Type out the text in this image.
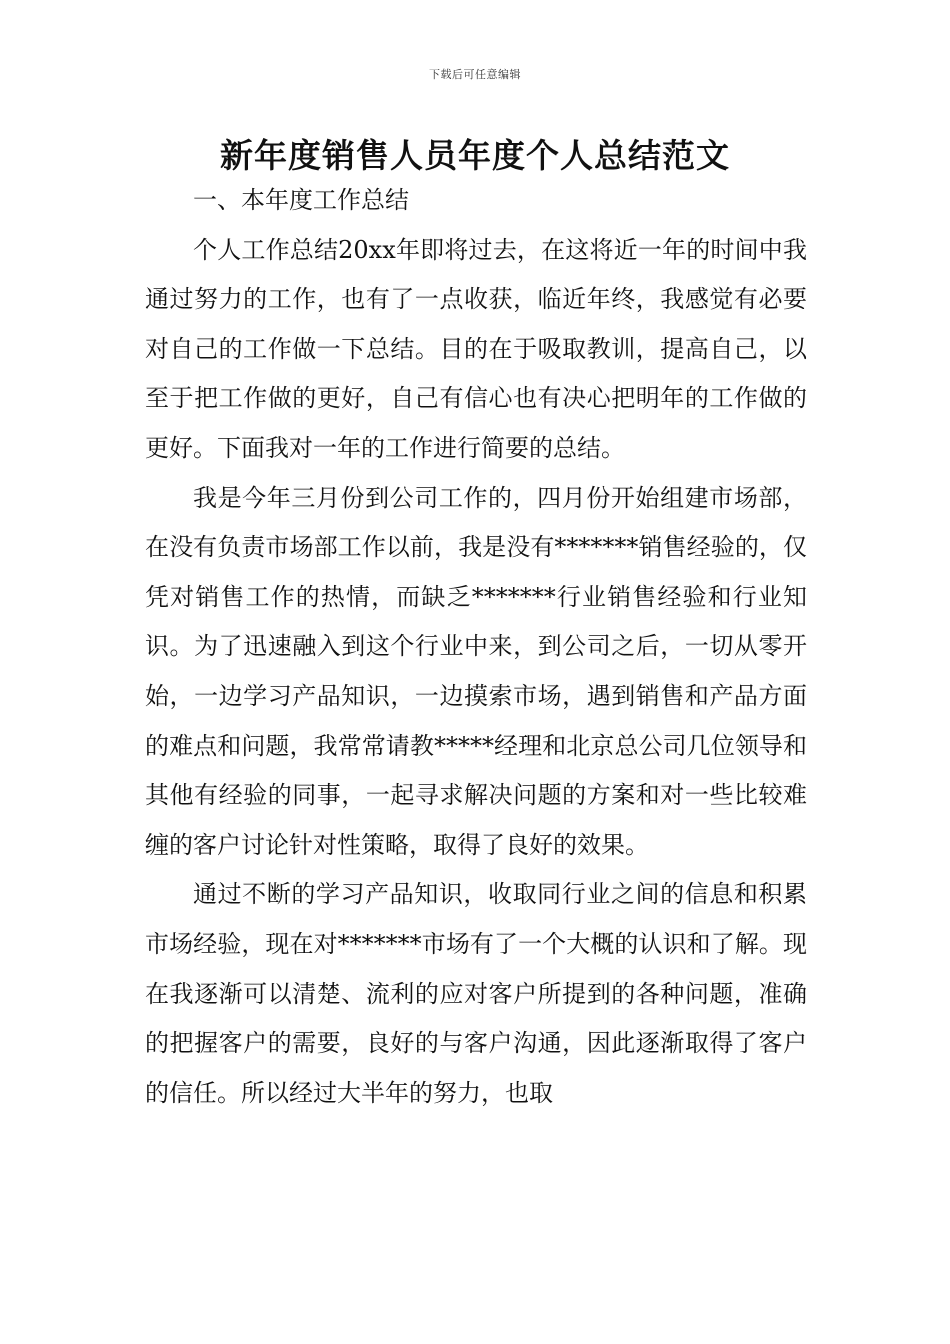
下载后可任意编辑
新年度销售人员年度个人总结范文

一、本年度工作总结

个人工作总结20xx年即将过去，在这将近一年的时间中我通过努力的工作，也有了一点收获，临近年终，我感觉有必要对自己的工作做一下总结。目的在于吸取教训，提高自己，以至于把工作做的更好，自己有信心也有决心把明年的工作做的更好。下面我对一年的工作进行简要的总结。

我是今年三月份到公司工作的，四月份开始组建市场部，在没有负责市场部工作以前，我是没有*******销售经验的，仅凭对销售工作的热情，而缺乏*******行业销售经验和行业知识。为了迅速融入到这个行业中来，到公司之后，一切从零开始，一边学习产品知识，一边摸索市场，遇到销售和产品方面的难点和问题，我常常请教*****经理和北京总公司几位领导和其他有经验的同事，一起寻求解决问题的方案和对一些比较难缠的客户讨论针对性策略，取得了良好的效果。

通过不断的学习产品知识，收取同行业之间的信息和积累市场经验，现在对*******市场有了一个大概的认识和了解。现在我逐渐可以清楚、流利的应对客户所提到的各种问题，准确的把握客户的需要，良好的与客户沟通，因此逐渐取得了客户的信任。所以经过大半年的努力，也取
